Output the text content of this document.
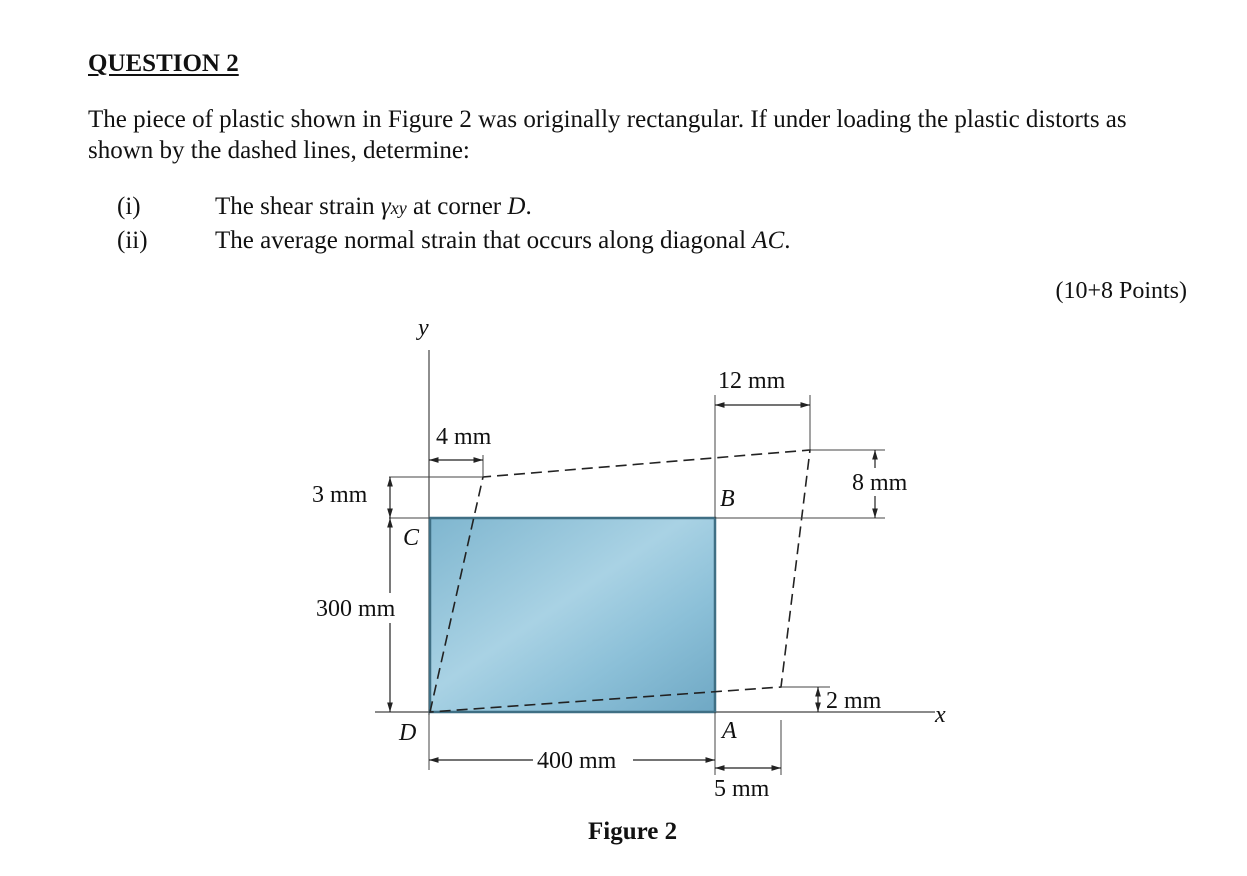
QUESTION 2
The piece of plastic shown in Figure 2 was originally rectangular. If under loading the plastic distorts as shown by the dashed lines, determine:
(i)	The shear strain γxy at corner D.
(ii)	The average normal strain that occurs along diagonal AC.
(10+8 Points)
y
x
12 mm
4 mm
8 mm
3 mm
300 mm
400 mm
5 mm
2 mm
C
B
D	A
Figure 2
